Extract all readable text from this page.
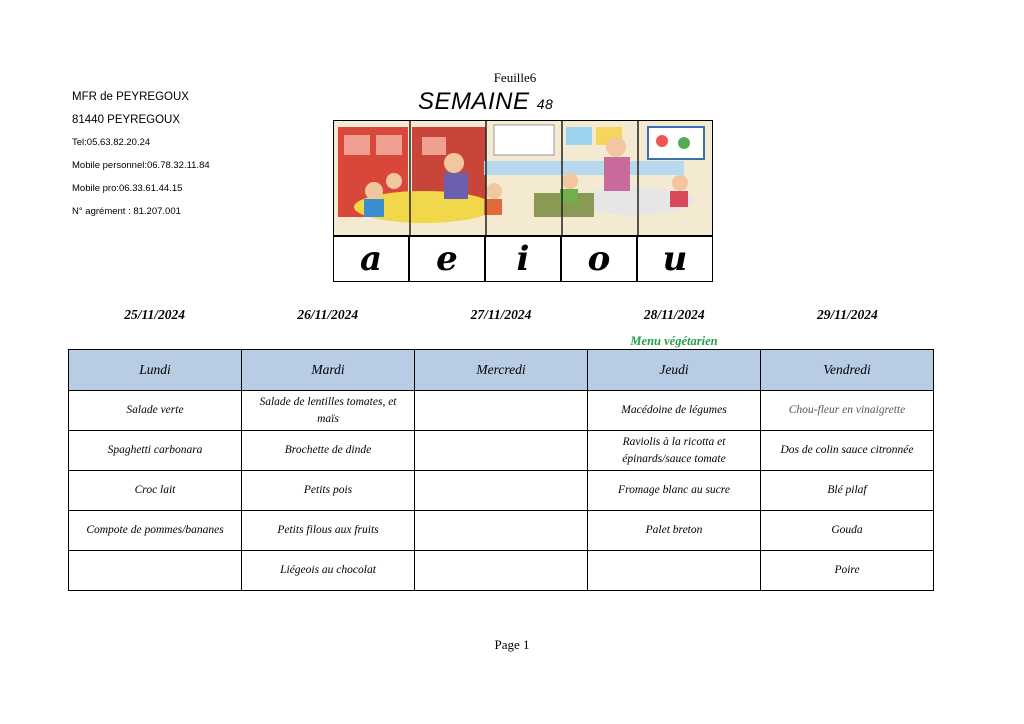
Feuille6
SEMAINE 48
MFR de PEYREGOUX
81440 PEYREGOUX
Tel:05.63.82.20.24
Mobile personnel:06.78.32.11.84
Mobile pro:06.33.61.44.15
N° agrément : 81.207.001
a	e	i	o	u
25/11/2024	26/11/2024	27/11/2024	28/11/2024	29/11/2024
Menu végétarien
Lundi	Mardi	Mercredi	Jeudi	Vendredi
Salade verte	Salade de lentilles tomates, et maïs		Macédoine de légumes	Chou-fleur en vinaigrette
Spaghetti carbonara	Brochette de dinde		Raviolis à la ricotta et épinards/sauce tomate	Dos de colin sauce citronnée
Croc lait	Petits pois		Fromage blanc au sucre	Blé pilaf
Compote de pommes/bananes	Petits filous aux fruits		Palet breton	Gouda
	Liégeois au chocolat			Poire
Page 1
